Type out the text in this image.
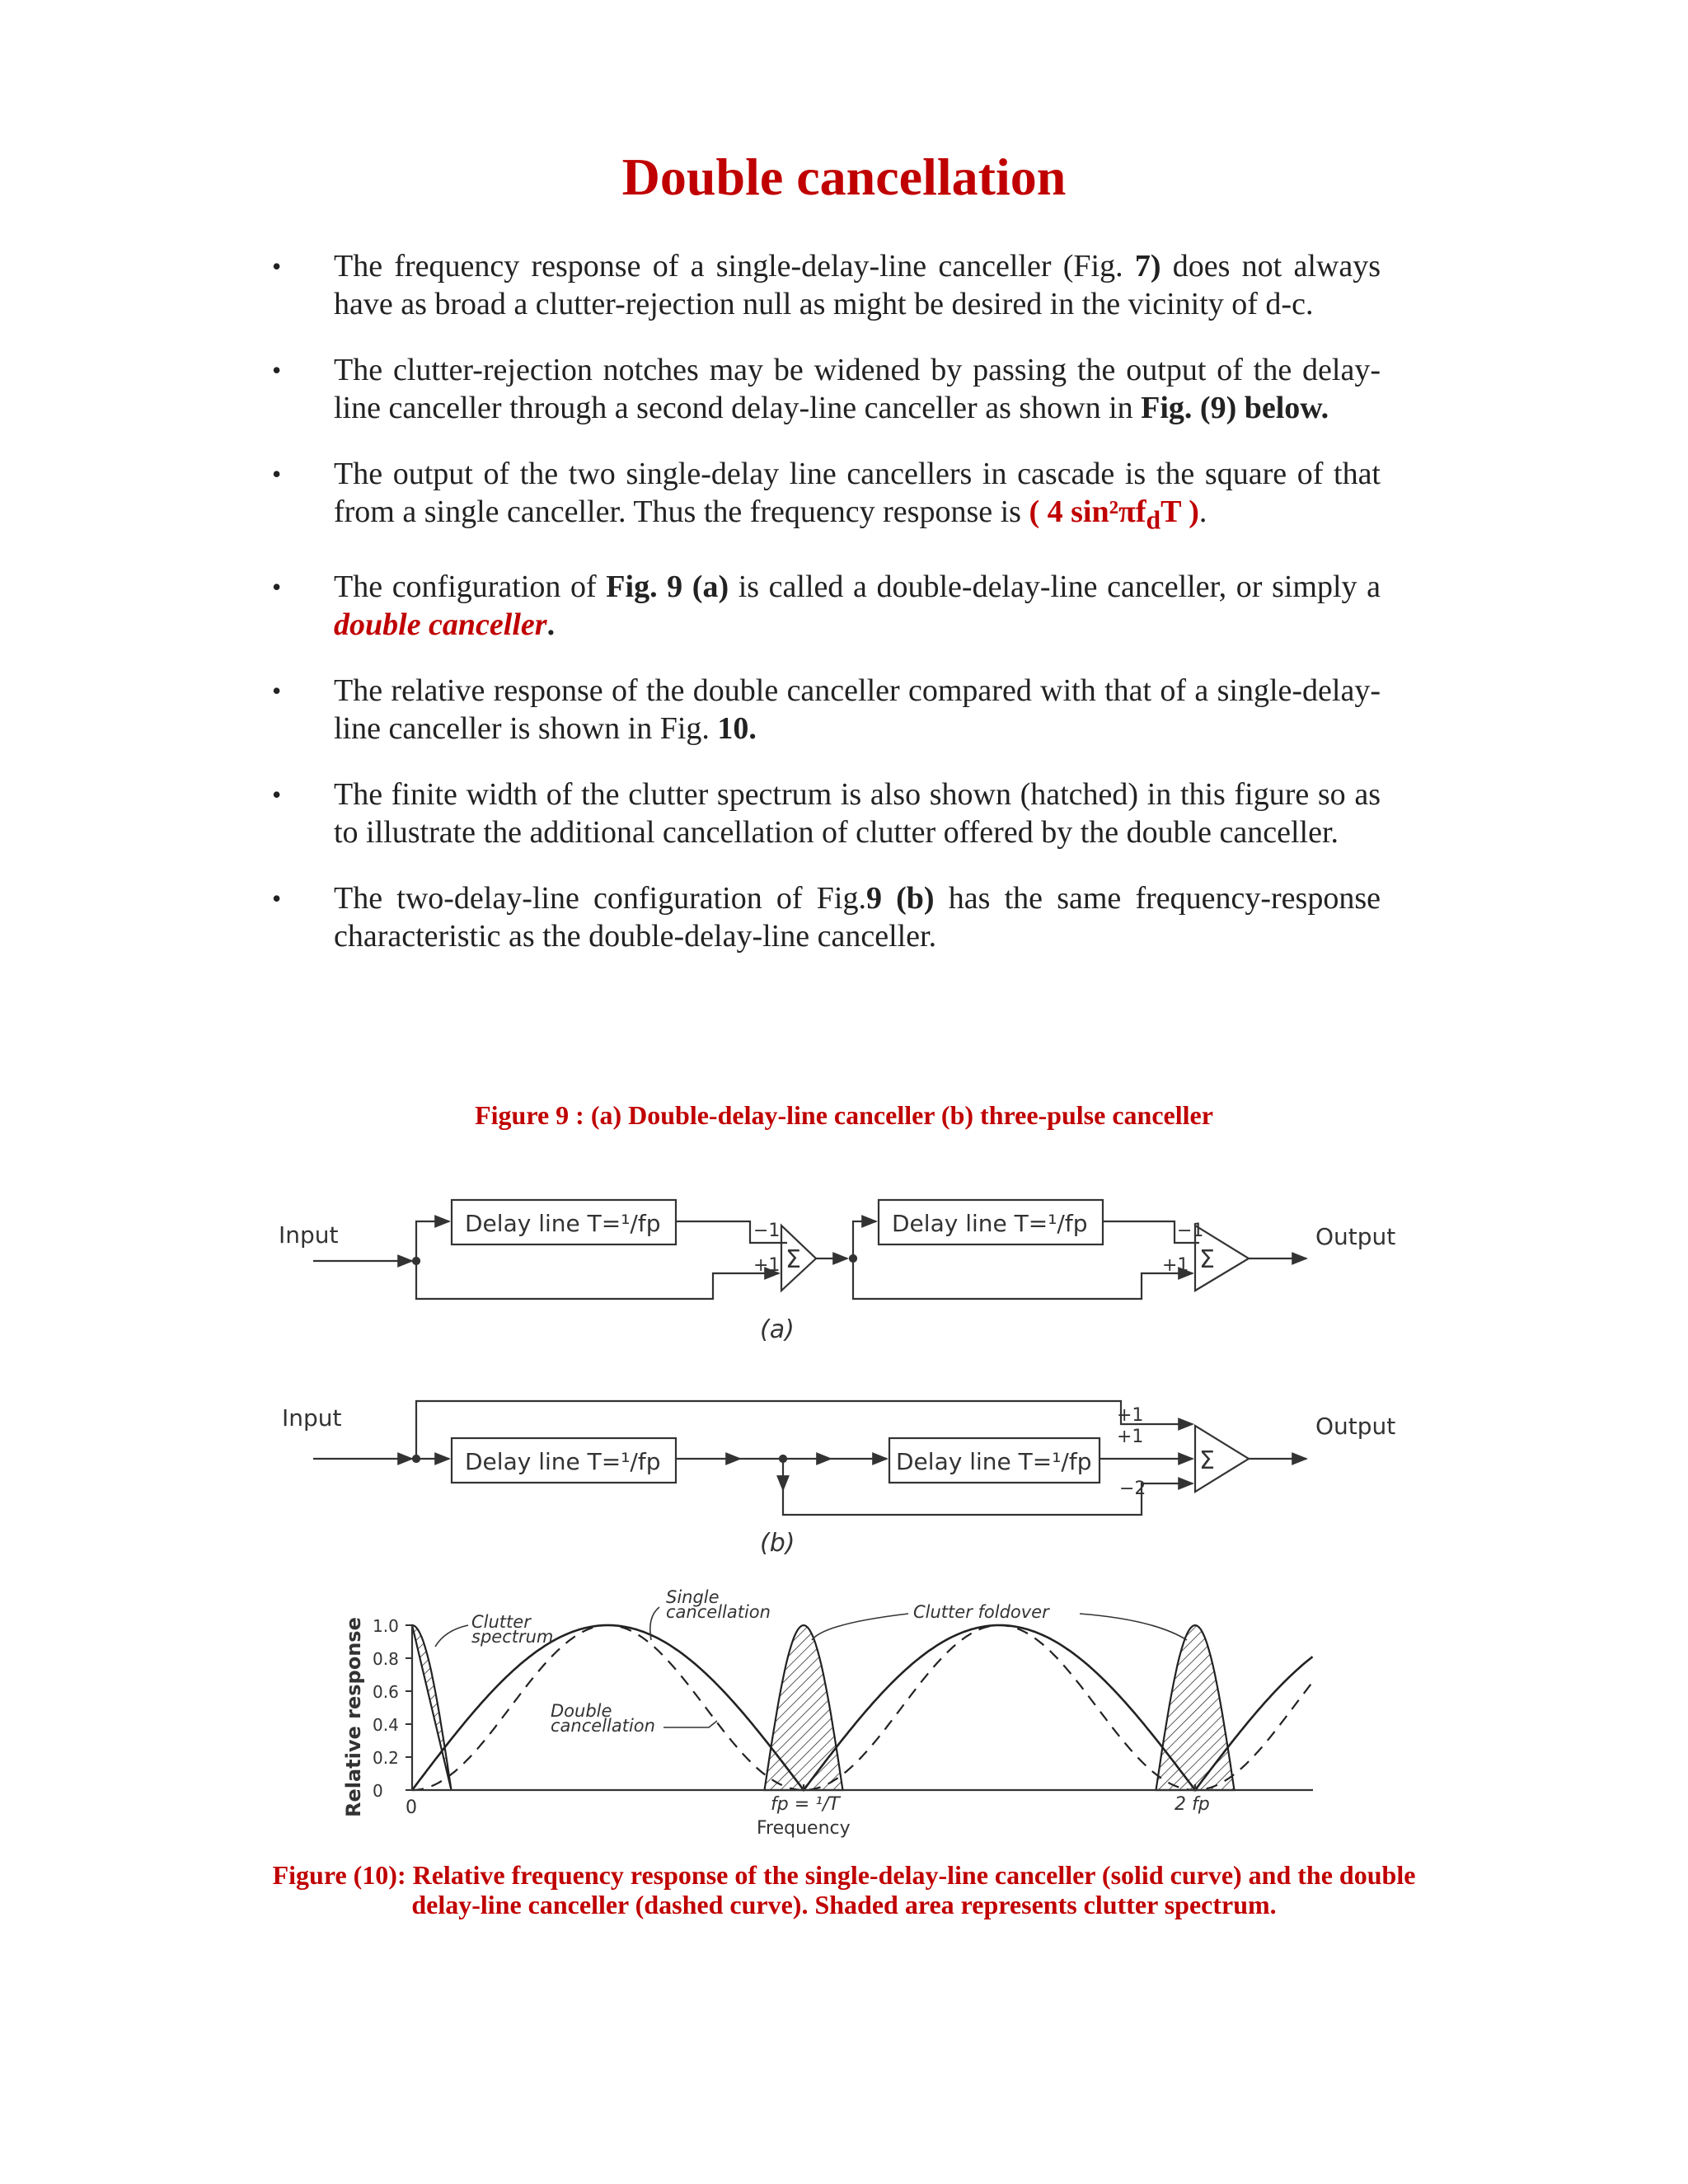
Double cancellation
• The frequency response of a single-delay-line canceller (Fig. 7) does not always have as broad a clutter-rejection null as might be desired in the vicinity of d-c.
• The clutter-rejection notches may be widened by passing the output of the delay-line canceller through a second delay-line canceller as shown in Fig. (9) below.
• The output of the two single-delay line cancellers in cascade is the square of that from a single canceller. Thus the frequency response is ( 4 $\sin^2\pi f_dT$ ).
• The configuration of Fig. 9 (a) is called a double-delay-line canceller, or simply a double canceller.
• The relative response of the double canceller compared with that of a single-delay-line canceller is shown in Fig. 10.
• The finite width of the clutter spectrum is also shown (hatched) in this figure so as to illustrate the additional cancellation of clutter offered by the double canceller.
• The two-delay-line configuration of Fig.9 (b) has the same frequency-response characteristic as the double-delay-line canceller.

Figure 9 : (a) Double-delay-line canceller (b) three-pulse canceller

Input	Output
Delay line T=¹/fp	Delay line T=¹/fp
−1
+1 Σ
−1
+1 Σ
(a)
Input	Output
Delay line T=¹/fp	Delay line T=¹/fp
+1
+1
−2
Σ
(b)
1.0
0.8
0.6
0.4
0.2
0
Relative response
Frequency
0	fp = ¹/T	2 fp
Clutter
spectrum
Single
cancellation
Double
cancellation
Clutter foldover

Figure (10): Relative frequency response of the single-delay-line canceller (solid curve) and the double

delay-line canceller (dashed curve). Shaded area represents clutter spectrum.
